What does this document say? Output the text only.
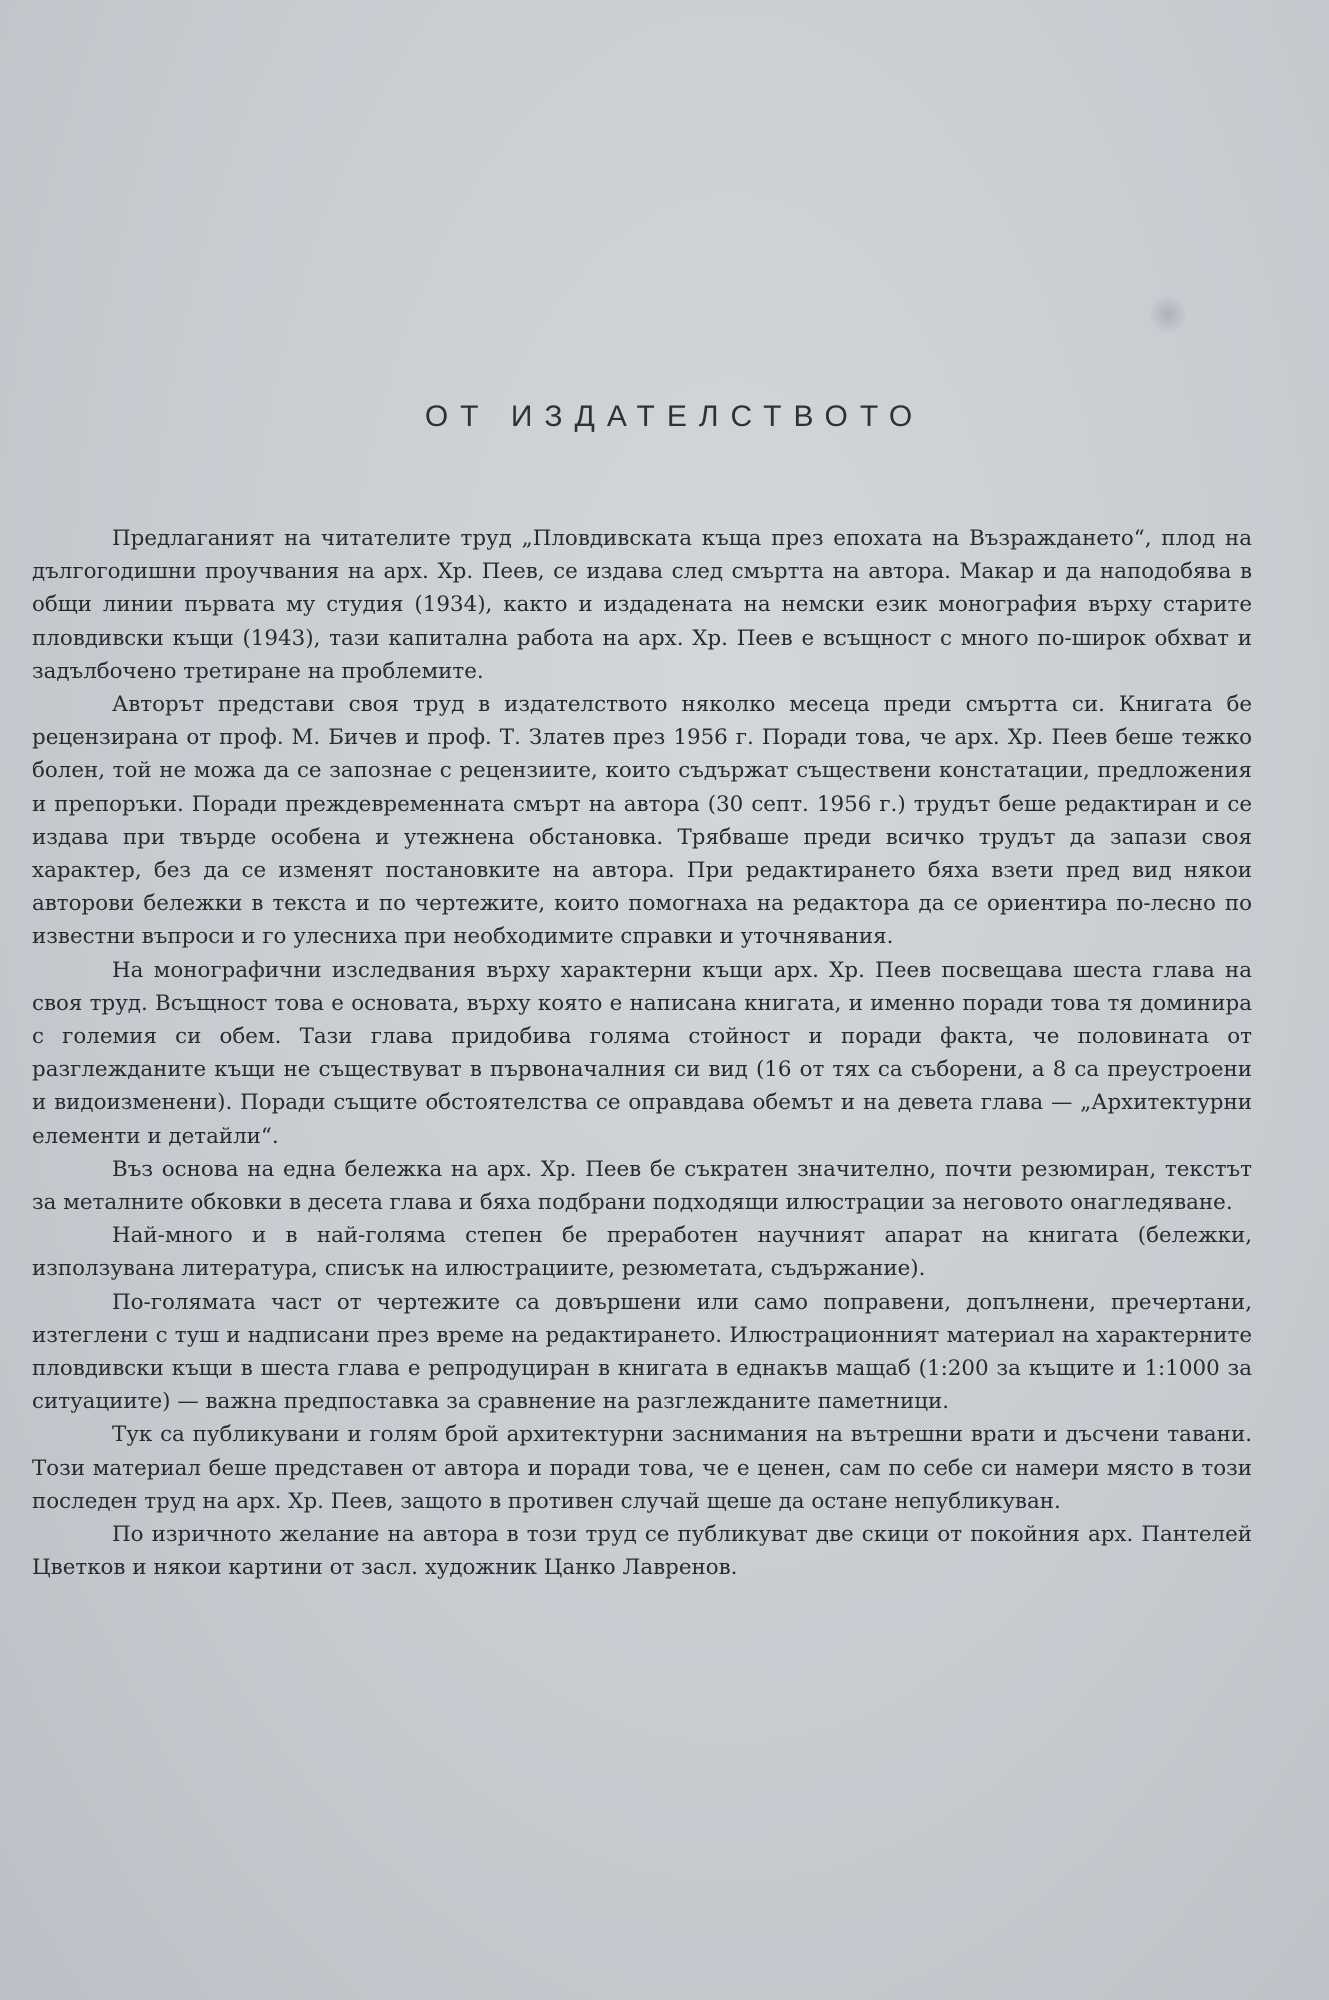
ОТ ИЗДАТЕЛСТВОТО

Предлаганият на читателите труд „Пловдивската къща през епохата на Възраждането“, плод на дългогодишни проучвания на арх. Хр. Пеев, се издава след смъртта на автора. Макар и да наподобява в общи линии първата му студия (1934), както и издадената на немски език монография върху старите пловдивски къщи (1943), тази капитална работа на арх. Хр. Пеев е всъщност с много по-широк обхват и задълбочено третиране на проблемите.

Авторът представи своя труд в издателството няколко месеца преди смъртта си. Книгата бе рецензирана от проф. М. Бичев и проф. Т. Златев през 1956 г. Поради това, че арх. Хр. Пеев беше тежко болен, той не можа да се запознае с рецензиите, които съдържат съществени констатации, предложения и препоръки. Поради преждевременната смърт на автора (30 септ. 1956 г.) трудът беше редактиран и се издава при твърде особена и утежнена обстановка. Трябваше преди всичко трудът да запази своя характер, без да се изменят постановките на автора. При редактирането бяха взети пред вид някои авторови бележки в текста и по чертежите, които помогнаха на редактора да се ориентира по-лесно по известни въпроси и го улесниха при необходимите справки и уточнявания.

На монографични изследвания върху характерни къщи арх. Хр. Пеев посвещава шеста глава на своя труд. Всъщност това е основата, върху която е написана книгата, и именно поради това тя доминира с големия си обем. Тази глава придобива голяма стойност и поради факта, че половината от разглежданите къщи не съществуват в първоначалния си вид (16 от тях са съборени, а 8 са преустроени и видоизменени). Поради същите обстоятелства се оправдава обемът и на девета глава — „Архитектурни елементи и детайли“.

Въз основа на една бележка на арх. Хр. Пеев бе съкратен значително, почти резюмиран, текстът за металните обковки в десета глава и бяха подбрани подходящи илюстрации за неговото онагледяване.

Най-много и в най-голяма степен бе преработен научният апарат на книгата (бележки, използувана литература, списък на илюстрациите, резюметата, съдържание).

По-голямата част от чертежите са довършени или само поправени, допълнени, пречертани, изтеглени с туш и надписани през време на редактирането. Илюстрационният материал на характерните пловдивски къщи в шеста глава е репродуциран в книгата в еднакъв мащаб (1:200 за къщите и 1:1000 за ситуациите) — важна предпоставка за сравнение на разглежданите паметници.

Тук са публикувани и голям брой архитектурни заснимания на вътрешни врати и дъсчени тавани. Този материал беше представен от автора и поради това, че е ценен, сам по себе си намери място в този последен труд на арх. Хр. Пеев, защото в противен случай щеше да остане непубликуван.

По изричното желание на автора в този труд се публикуват две скици от покойния арх. Пантелей Цветков и някои картини от засл. художник Цанко Лавренов.
